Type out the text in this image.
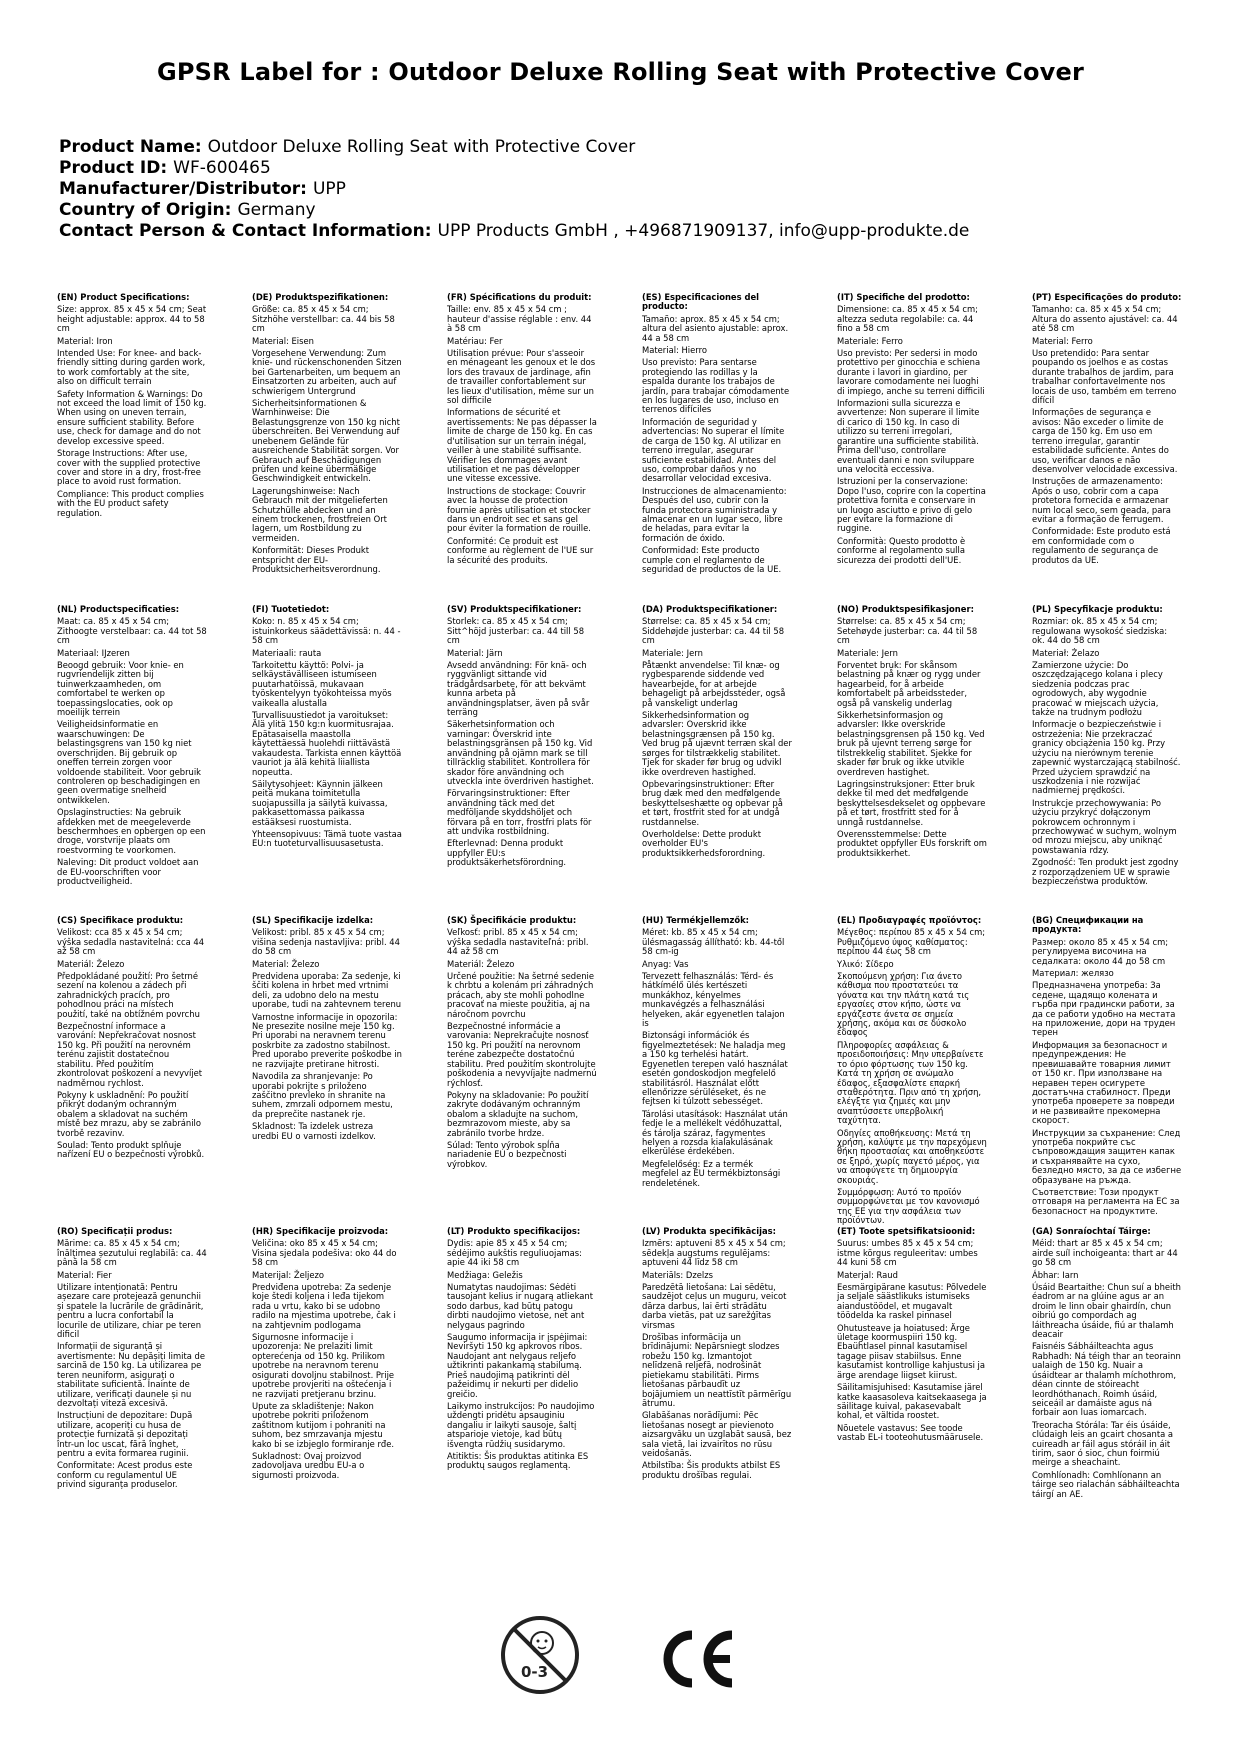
GPSR Label for : Outdoor Deluxe Rolling Seat with Protective Cover
Product Name: Outdoor Deluxe Rolling Seat with Protective Cover
Product ID: WF-600465
Manufacturer/Distributor: UPP
Country of Origin: Germany
Contact Person & Contact Information: UPP Products GmbH , +496871909137, info@upp-produkte.de

(EN) Product Specifications:

Size: approx. 85 x 45 x 54 cm; Seat height adjustable: approx. 44 to 58 cm

Material: Iron

Intended Use: For knee- and back-friendly sitting during garden work, to work comfortably at the site, also on difficult terrain

Safety Information & Warnings: Do not exceed the load limit of 150 kg. When using on uneven terrain, ensure sufficient stability. Before use, check for damage and do not develop excessive speed.

Storage Instructions: After use, cover with the supplied protective cover and store in a dry, frost-free place to avoid rust formation.

Compliance: This product complies with the EU product safety regulation.

(DE) Produktspezifikationen:

Größe: ca. 85 x 45 x 54 cm; Sitzhöhe verstellbar: ca. 44 bis 58 cm

Material: Eisen

Vorgesehene Verwendung: Zum knie- und rückenschonenden Sitzen bei Gartenarbeiten, um bequem an Einsatzorten zu arbeiten, auch auf schwierigem Untergrund

Sicherheitsinformationen & Warnhinweise: Die Belastungsgrenze von 150 kg nicht überschreiten. Bei Verwendung auf unebenem Gelände für ausreichende Stabilität sorgen. Vor Gebrauch auf Beschädigungen prüfen und keine übermäßige Geschwindigkeit entwickeln.

Lagerungshinweise: Nach Gebrauch mit der mitgelieferten Schutzhülle abdecken und an einem trockenen, frostfreien Ort lagern, um Rostbildung zu vermeiden.

Konformität: Dieses Produkt entspricht der EU-Produktsicherheitsverordnung.

(FR) Spécifications du produit:

Taille: env. 85 x 45 x 54 cm ; hauteur d'assise réglable : env. 44 à 58 cm

Matériau: Fer

Utilisation prévue: Pour s'asseoir en ménageant les genoux et le dos lors des travaux de jardinage, afin de travailler confortablement sur les lieux d'utilisation, même sur un sol difficile

Informations de sécurité et avertissements: Ne pas dépasser la limite de charge de 150 kg. En cas d'utilisation sur un terrain inégal, veiller à une stabilité suffisante. Vérifier les dommages avant utilisation et ne pas développer une vitesse excessive.

Instructions de stockage: Couvrir avec la housse de protection fournie après utilisation et stocker dans un endroit sec et sans gel pour éviter la formation de rouille.

Conformité: Ce produit est conforme au règlement de l'UE sur la sécurité des produits.

(ES) Especificaciones del producto:

Tamaño: aprox. 85 x 45 x 54 cm; altura del asiento ajustable: aprox. 44 a 58 cm

Material: Hierro

Uso previsto: Para sentarse protegiendo las rodillas y la espalda durante los trabajos de jardín, para trabajar cómodamente en los lugares de uso, incluso en terrenos difíciles

Información de seguridad y advertencias: No superar el límite de carga de 150 kg. Al utilizar en terreno irregular, asegurar suficiente estabilidad. Antes del uso, comprobar daños y no desarrollar velocidad excesiva.

Instrucciones de almacenamiento: Después del uso, cubrir con la funda protectora suministrada y almacenar en un lugar seco, libre de heladas, para evitar la formación de óxido.

Conformidad: Este producto cumple con el reglamento de seguridad de productos de la UE.

(IT) Specifiche del prodotto:

Dimensione: ca. 85 x 45 x 54 cm; altezza seduta regolabile: ca. 44 fino a 58 cm

Materiale: Ferro

Uso previsto: Per sedersi in modo protettivo per ginocchia e schiena durante i lavori in giardino, per lavorare comodamente nei luoghi di impiego, anche su terreni difficili

Informazioni sulla sicurezza e avvertenze: Non superare il limite di carico di 150 kg. In caso di utilizzo su terreni irregolari, garantire una sufficiente stabilità. Prima dell'uso, controllare eventuali danni e non sviluppare una velocità eccessiva.

Istruzioni per la conservazione: Dopo l'uso, coprire con la copertina protettiva fornita e conservare in un luogo asciutto e privo di gelo per evitare la formazione di ruggine.

Conformità: Questo prodotto è conforme al regolamento sulla sicurezza dei prodotti dell'UE.

(PT) Especificações do produto:

Tamanho: ca. 85 x 45 x 54 cm; Altura do assento ajustável: ca. 44 até 58 cm

Material: Ferro

Uso pretendido: Para sentar poupando os joelhos e as costas durante trabalhos de jardim, para trabalhar confortavelmente nos locais de uso, também em terreno difícil

Informações de segurança e avisos: Não exceder o limite de carga de 150 kg. Em uso em terreno irregular, garantir estabilidade suficiente. Antes do uso, verificar danos e não desenvolver velocidade excessiva.

Instruções de armazenamento: Após o uso, cobrir com a capa protetora fornecida e armazenar num local seco, sem geada, para evitar a formação de ferrugem.

Conformidade: Este produto está em conformidade com o regulamento de segurança de produtos da UE.

(NL) Productspecificaties:

Maat: ca. 85 x 45 x 54 cm; Zithoogte verstelbaar: ca. 44 tot 58 cm

Materiaal: IJzeren

Beoogd gebruik: Voor knie- en rugvriendelijk zitten bij tuinwerkzaamheden, om comfortabel te werken op toepassingslocaties, ook op moeilijk terrein

Veiligheidsinformatie en waarschuwingen: De belastingsgrens van 150 kg niet overschrijden. Bij gebruik op oneffen terrein zorgen voor voldoende stabiliteit. Voor gebruik controleren op beschadigingen en geen overmatige snelheid ontwikkelen.

Opslaginstructies: Na gebruik afdekken met de meegeleverde beschermhoes en opbergen op een droge, vorstvrije plaats om roestvorming te voorkomen.

Naleving: Dit product voldoet aan de EU-voorschriften voor productveiligheid.

(FI) Tuotetiedot:

Koko: n. 85 x 45 x 54 cm; istuinkorkeus säädettävissä: n. 44 - 58 cm

Materiaali: rauta

Tarkoitettu käyttö: Polvi- ja selkäystävälliseen istumiseen puutarhatöissä, mukavaan työskentelyyn työkohteissa myös vaikealla alustalla

Turvallisuustiedot ja varoitukset: Älä ylitä 150 kg:n kuormitusrajaa. Epätasaisella maastolla käytettäessä huolehdi riittävästä vakaudesta. Tarkista ennen käyttöä vauriot ja älä kehitä liiallista nopeutta.

Säilytysohjeet: Käynnin jälkeen peitä mukana toimitetulla suojapussilla ja säilytä kuivassa, pakkasettomassa paikassa estääksesi ruostumista.

Yhteensopivuus: Tämä tuote vastaa EU:n tuoteturvallisuusasetusta.

(SV) Produktspecifikationer:

Storlek: ca. 85 x 45 x 54 cm; Sitt^höjd justerbar: ca. 44 till 58 cm

Material: Järn

Avsedd användning: För knä- och ryggvänligt sittande vid trädgårdsarbete, för att bekvämt kunna arbeta på användningsplatser, även på svår terräng

Säkerhetsinformation och varningar: Överskrid inte belastningsgränsen på 150 kg. Vid användning på ojämn mark se till tillräcklig stabilitet. Kontrollera för skador före användning och utveckla inte överdriven hastighet.

Förvaringsinstruktioner: Efter användning täck med det medföljande skyddshöljet och förvara på en torr, frostfri plats för att undvika rostbildning.

Efterlevnad: Denna produkt uppfyller EU:s produktsäkerhetsförordning.

(DA) Produktspecifikationer:

Størrelse: ca. 85 x 45 x 54 cm; Siddehøjde justerbar: ca. 44 til 58 cm

Materiale: Jern

Påtænkt anvendelse: Til knæ- og rygbesparende siddende ved havearbejde, for at arbejde behageligt på arbejdssteder, også på vanskeligt underlag

Sikkerhedsinformation og advarsler: Overskrid ikke belastningsgrænsen på 150 kg. Ved brug på ujævnt terræn skal der sørges for tilstrækkelig stabilitet. Tjek for skader før brug og udvikl ikke overdreven hastighed.

Opbevaringsinstruktioner: Efter brug dæk med den medfølgende beskyttelseshætte og opbevar på et tørt, frostfrit sted for at undgå rustdannelse.

Overholdelse: Dette produkt overholder EU's produktsikkerhedsforordning.

(NO) Produktspesifikasjoner:

Størrelse: ca. 85 x 45 x 54 cm; Setehøyde justerbar: ca. 44 til 58 cm

Materiale: Jern

Forventet bruk: For skånsom belastning på knær og rygg under hagearbeid, for å arbeide komfortabelt på arbeidssteder, også på vanskelig underlag

Sikkerhetsinformasjon og advarsler: Ikke overskride belastningsgrensen på 150 kg. Ved bruk på ujevnt terreng sørge for tilstrekkelig stabilitet. Sjekke for skader før bruk og ikke utvikle overdreven hastighet.

Lagringsinstruksjoner: Etter bruk dekke til med det medfølgende beskyttelsesdekselet og oppbevare på et tørt, frostfritt sted for å unngå rustdannelse.

Overensstemmelse: Dette produktet oppfyller EUs forskrift om produktsikkerhet.

(PL) Specyfikacje produktu:

Rozmiar: ok. 85 x 45 x 54 cm; regulowana wysokość siedziska: ok. 44 do 58 cm

Materiał: Żelazo

Zamierzone użycie: Do oszczędzającego kolana i plecy siedzenia podczas prac ogrodowych, aby wygodnie pracować w miejscach użycia, także na trudnym podłożu

Informacje o bezpieczeństwie i ostrzeżenia: Nie przekraczać granicy obciążenia 150 kg. Przy użyciu na nierównym terenie zapewnić wystarczającą stabilność. Przed użyciem sprawdzić na uszkodzenia i nie rozwijać nadmiernej prędkości.

Instrukcje przechowywania: Po użyciu przykryć dołączonym pokrowcem ochronnym i przechowywać w suchym, wolnym od mrozu miejscu, aby uniknąć powstawania rdzy.

Zgodność: Ten produkt jest zgodny z rozporządzeniem UE w sprawie bezpieczeństwa produktów.

(CS) Specifikace produktu:

Velikost: cca 85 x 45 x 54 cm; výška sedadla nastavitelná: cca 44 až 58 cm

Materiál: Železo

Předpokládané použití: Pro šetrné sezení na kolenou a zádech při zahradnických pracích, pro pohodlnou práci na místech použití, také na obtížném povrchu

Bezpečnostní informace a varování: Nepřekračovat nosnost 150 kg. Při použití na nerovném terénu zajistit dostatečnou stabilitu. Před použitím zkontrolovat poškození a nevyvíjet nadměrnou rychlost.

Pokyny k uskladnění: Po použití přikrýt dodaným ochranným obalem a skladovat na suchém místě bez mrazu, aby se zabránilo tvorbě rezavinv.

Soulad: Tento produkt splňuje nařízení EU o bezpečnosti výrobků.

(SL) Specifikacije izdelka:

Velikost: pribl. 85 x 45 x 54 cm; višina sedenja nastavljiva: pribl. 44 do 58 cm

Material: Železo

Predvidena uporaba: Za sedenje, ki ščiti kolena in hrbet med vrtnimi deli, za udobno delo na mestu uporabe, tudi na zahtevnem terenu

Varnostne informacije in opozorila: Ne presezite nosilne meje 150 kg. Pri uporabi na neravnem terenu poskrbite za zadostno stabilnost. Pred uporabo preverite poškodbe in ne razvijajte pretirane hitrosti.

Navodila za shranjevanje: Po uporabi pokrijte s priloženo zaščitno prevleko in shranite na suhem, zmrzali odpornem mestu, da preprečite nastanek rje.

Skladnost: Ta izdelek ustreza uredbi EU o varnosti izdelkov.

(SK) Špecifikácie produktu:

Veľkosť: pribl. 85 x 45 x 54 cm; výška sedadla nastaviteľná: pribl. 44 až 58 cm

Materiál: Železo

Určené použitie: Na šetrné sedenie k chrbtu a kolenám pri záhradných prácach, aby ste mohli pohodlne pracovať na mieste použitia, aj na náročnom povrchu

Bezpečnostné informácie a varovania: Neprekračujte nosnosť 150 kg. Pri použití na nerovnom teréne zabezpečte dostatočnú stabilitu. Pred použitím skontrolujte poškodenia a nevyvíjajte nadmernú rýchlosť.

Pokyny na skladovanie: Po použití zakryte dodávaným ochranným obalom a skladujte na suchom, bezmrazovom mieste, aby sa zabránilo tvorbe hrdze.

Súlad: Tento výrobok spĺňa nariadenie EÚ o bezpečnosti výrobkov.

(HU) Termékjellemzők:

Méret: kb. 85 x 45 x 54 cm; ülésmagasság állítható: kb. 44-től 58 cm-ig

Anyag: Vas

Tervezett felhasználás: Térd- és hátkímélő ülés kertészeti munkákhoz, kényelmes munkavégzés a felhasználási helyeken, akár egyenetlen talajon is

Biztonsági információk és figyelmeztetések: Ne haladja meg a 150 kg terhelési határt. Egyenetlen terepen való használat esetén gondoskodjon megfelelő stabilitásról. Használat előtt ellenőrizze sérüléseket, és ne fejtsen ki túlzott sebességet.

Tárolási utasítások: Használat után fedje le a mellékelt védőhuzattal, és tárolja száraz, fagymentes helyen a rozsda kialakulásának elkerülése érdekében.

Megfelelőség: Ez a termék megfelel az EU termékbiztonsági rendeletének.

(EL) Προδιαγραφές προϊόντος:

Μέγεθος: περίπου 85 x 45 x 54 cm; Ρυθμιζόμενο ύψος καθίσματος: περίπου 44 έως 58 cm

Υλικό: Σίδερο

Σκοπούμενη χρήση: Για άνετο κάθισμα που προστατεύει τα γόνατα και την πλάτη κατά τις εργασίες στον κήπο, ώστε να εργάζεστε άνετα σε σημεία χρήσης, ακόμα και σε δύσκολο έδαφος

Πληροφορίες ασφάλειας & προειδοποιήσεις: Μην υπερβαίνετε το όριο φόρτωσης των 150 kg. Κατά τη χρήση σε ανώμαλο έδαφος, εξασφαλίστε επαρκή σταθερότητα. Πριν από τη χρήση, ελέγξτε για ζημιές και μην αναπτύσσετε υπερβολική ταχύτητα.

Οδηγίες αποθήκευσης: Μετά τη χρήση, καλύψτε με την παρεχόμενη θήκη προστασίας και αποθηκεύστε σε ξηρό, χωρίς παγετό μέρος, για να αποφύγετε τη δημιουργία σκουριάς.

Συμμόρφωση: Αυτό το προϊόν συμμορφώνεται με τον κανονισμό της ΕΕ για την ασφάλεια των προϊόντων.

(BG) Спецификации на продукта:

Размер: около 85 x 45 x 54 cm; регулируема височина на седалката: около 44 до 58 cm

Материал: желязо

Предназначена употреба: За седене, щадящо колената и гърба при градински работи, за да се работи удобно на местата на приложение, дори на труден терен

Информация за безопасност и предупреждения: Не превишавайте товарния лимит от 150 кг. При използване на неравен терен осигурете достатъчна стабилност. Преди употреба проверете за повреди и не развивайте прекомерна скорост.

Инструкции за съхранение: След употреба покрийте със съпровождащия защитен капак и съхранявайте на сухо, безледно място, за да се избегне образуване на ръжда.

Съответствие: Този продукт отговаря на регламента на ЕС за безопасност на продуктите.

(RO) Specificații produs:

Mărime: ca. 85 x 45 x 54 cm; înălțimea șezutului reglabilă: ca. 44 până la 58 cm

Material: Fier

Utilizare intenționată: Pentru așezare care protejează genunchii și spatele la lucrările de grădinărit, pentru a lucra confortabil la locurile de utilizare, chiar pe teren dificil

Informații de siguranță și avertismente: Nu depășiți limita de sarcină de 150 kg. La utilizarea pe teren neuniform, asigurați o stabilitate suficientă. Înainte de utilizare, verificați daunele și nu dezvoltați viteză excesivă.

Instrucțiuni de depozitare: După utilizare, acoperiți cu husa de protecție furnizată și depozitați într-un loc uscat, fără înghet, pentru a evita formarea ruginii.

Conformitate: Acest produs este conform cu regulamentul UE privind siguranța produselor.

(HR) Specifikacije proizvoda:

Veličina: oko 85 x 45 x 54 cm; Visina sjedala podešiva: oko 44 do 58 cm

Materijal: Željezo

Predviđena upotreba: Za sedenje koje štedi koljena i leđa tijekom rada u vrtu, kako bi se udobno radilo na mjestima upotrebe, čak i na zahtjevnim podlogama

Sigurnosne informacije i upozorenja: Ne prelaziti limit opterećenja od 150 kg. Prilikom upotrebe na neravnom terenu osigurati dovoljnu stabilnost. Prije upotrebe provjeriti na oštećenja i ne razvijati pretjeranu brzinu.

Upute za skladištenje: Nakon upotrebe pokriti priloženom zaštitnom kutijom i pohraniti na suhom, bez smrzavanja mjestu kako bi se izbjeglo formiranje rđe.

Sukladnost: Ovaj proizvod zadovoljava uredbu EU-a o sigurnosti proizvoda.

(LT) Produkto specifikacijos:

Dydis: apie 85 x 45 x 54 cm; sėdėjimo aukštis reguliuojamas: apie 44 iki 58 cm

Medžiaga: Geležis

Numatytas naudojimas: Sėdėti tausojant kelius ir nugarą atliekant sodo darbus, kad būtų patogu dirbti naudojimo vietose, net ant nelygaus pagrindo

Saugumo informacija ir įspėjimai: Neviršyti 150 kg apkrovos ribos. Naudojant ant nelygaus reljefo užtikrinti pakankamą stabilumą. Prieš naudojimą patikrinti dėl pažeidimų ir nekurti per didelio greičio.

Laikymo instrukcijos: Po naudojimo uždengti pridėtu apsauginiu dangaliu ir laikyti sausoje, šaltį atsparioje vietoje, kad būtų išvengta rūdžių susidarymo.

Atitiktis: Šis produktas atitinka ES produktų saugos reglamentą.

(LV) Produkta specifikācijas:

Izmērs: aptuveni 85 x 45 x 54 cm; sēdekļa augstums regulējams: aptuveni 44 līdz 58 cm

Materiāls: Dzelzs

Paredzētā lietošana: Lai sēdētu, saudzējot ceļus un muguru, veicot dārza darbus, lai ērti strādātu darba vietās, pat uz sarežģītas virsmas

Drošības informācija un brīdinājumi: Nepārsniegt slodzes robežu 150 kg. Izmantojot nelīdzenā reljefā, nodrošināt pietiekamu stabilitāti. Pirms lietošanas pārbaudīt uz bojājumiem un neattīstīt pārmērīgu ātrumu.

Glabāšanas norādījumi: Pēc lietošanas nosegt ar pievienoto aizsargvāku un uzglabāt sausā, bez sala vietā, lai izvairītos no rūsu veidošanās.

Atbilstība: Šis produkts atbilst ES produktu drošības regulai.

(ET) Toote spetsifikatsioonid:

Suurus: umbes 85 x 45 x 54 cm; istme kõrgus reguleeritav: umbes 44 kuni 58 cm

Materjal: Raud

Eesmärgipärane kasutus: Põlvedele ja seljale säästlikuks istumiseks aiandustöödel, et mugavalt töödelda ka raskel pinnasel

Ohutusteave ja hoiatused: Ärge ületage koormuspiiri 150 kg. Ebaühtlasel pinnal kasutamisel tagage piisav stabiilsus. Enne kasutamist kontrollige kahjustusi ja ärge arendage liigset kiirust.

Säilitamisjuhised: Kasutamise järel katke kaasasoleva kaitsekaasega ja säilitage kuival, pakasevabalt kohal, et vältida roostet.

Nõuetele vastavus: See toode vastab EL-i tooteohutusmäärusele.

(GA) Sonraíochtaí Táirge:

Méid: thart ar 85 x 45 x 54 cm; airde suíl inchoigeanta: thart ar 44 go 58 cm

Ábhar: Iarn

Úsáid Beartaithe: Chun suí a bheith éadrom ar na glúine agus ar an droim le linn obair ghairdín, chun oibriú go compordach ag láithreacha úsáide, fiú ar thalamh deacair

Faisnéis Sábháilteachta agus Rabhadh: Ná téigh thar an teorainn ualaigh de 150 kg. Nuair a úsáidtear ar thalamh míchothrom, déan cinnte de stóireacht leordhóthanach. Roimh úsáid, seiceáil ar damáiste agus ná forbair aon luas iomarcach.

Treoracha Stórála: Tar éis úsáide, clúdaigh leis an gcairt chosanta a cuireadh ar fáil agus stóráil in áit tirim, saor ó sioc, chun foirmiú meirge a sheachaint.

Comhlíonadh: Comhlíonann an táirge seo rialachán sábháilteachta táirgí an AE.

0-3
